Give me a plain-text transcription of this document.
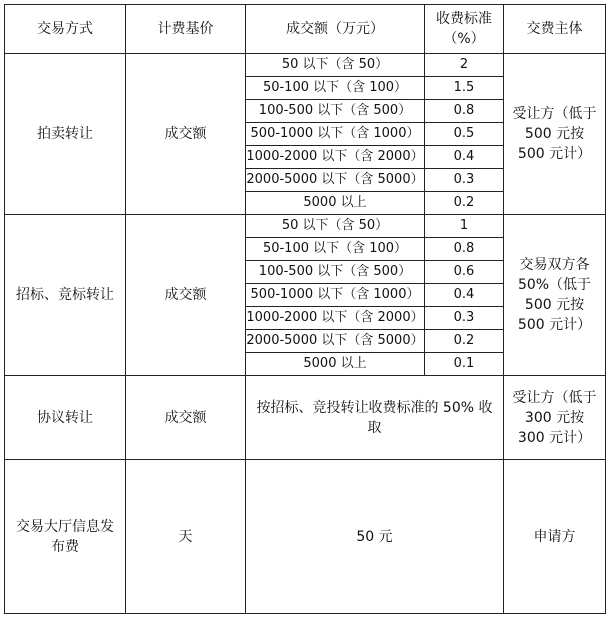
交易方式	计费基价	成交额（万元）	收费标准（%）	交费主体
拍卖转让	成交额	50 以下（含 50）	2	受让方（低于 500 元按 500 元计）
		50-100 以下（含 100）	1.5	
		100-500 以下（含 500）	0.8	
		500-1000 以下（含 1000）	0.5	
		1000-2000 以下（含 2000）	0.4	
		2000-5000 以下（含 5000）	0.3	
		5000 以上	0.2	
招标、竞标转让	成交额	50 以下（含 50）	1	交易双方各 50%（低于 500 元按 500 元计）
		50-100 以下（含 100）	0.8	
		100-500 以下（含 500）	0.6	
		500-1000 以下（含 1000）	0.4	
		1000-2000 以下（含 2000）	0.3	
		2000-5000 以下（含 5000）	0.2	
		5000 以上	0.1	
协议转让	成交额	按招标、竞投转让收费标准的 50% 收取		受让方（低于 300 元按 300 元计）
交易大厅信息发布费	天	50 元		申请方
